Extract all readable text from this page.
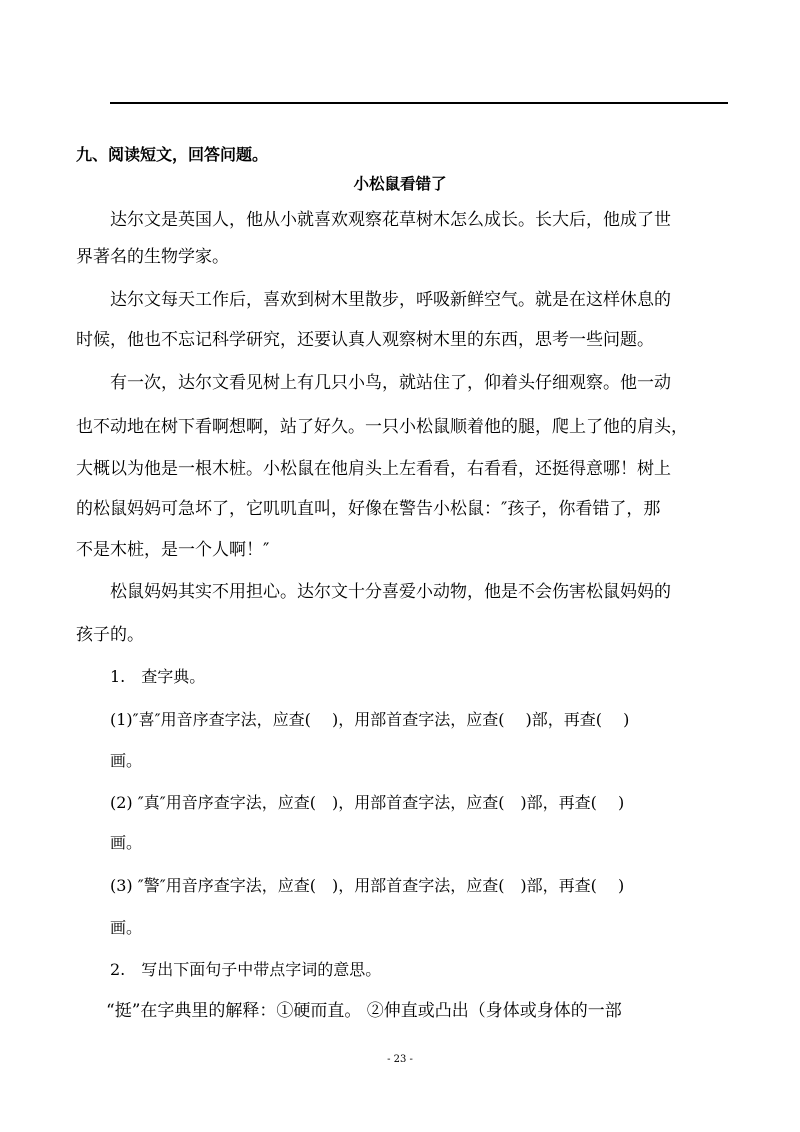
九、阅读短文，回答问题。
小松鼠看错了
达尔文是英国人，他从小就喜欢观察花草树木怎么成长。长大后，他成了世
界著名的生物学家。
达尔文每天工作后，喜欢到树木里散步，呼吸新鲜空气。就是在这样休息的
时候，他也不忘记科学研究，还要认真人观察树木里的东西，思考一些问题。
有一次，达尔文看见树上有几只小鸟，就站住了，仰着头仔细观察。他一动
也不动地在树下看啊想啊，站了好久。一只小松鼠顺着他的腿，爬上了他的肩头，
大概以为他是一根木桩。小松鼠在他肩头上左看看，右看看，还挺得意哪！树上
的松鼠妈妈可急坏了，它叽叽直叫，好像在警告小松鼠：″孩子，你看错了，那
不是木桩，是一个人啊！″
松鼠妈妈其实不用担心。达尔文十分喜爱小动物，他是不会伤害松鼠妈妈的
孩子的。
1.　查字典。
(1)″喜″用音序查字法，应查(　 )，用部首查字法，应查(　 )部，再查(　 )
画。
(2) ″真″用音序查字法，应查(　)，用部首查字法，应查(　)部，再查(　 )
画。
(3) ″警″用音序查字法，应查(　)，用部首查字法，应查(　)部，再查(　 )
画。
2.　写出下面句子中带点字词的意思。
“挺”在字典里的解释：①硬而直。 ②伸直或凸出（身体或身体的一部
- 23 -
